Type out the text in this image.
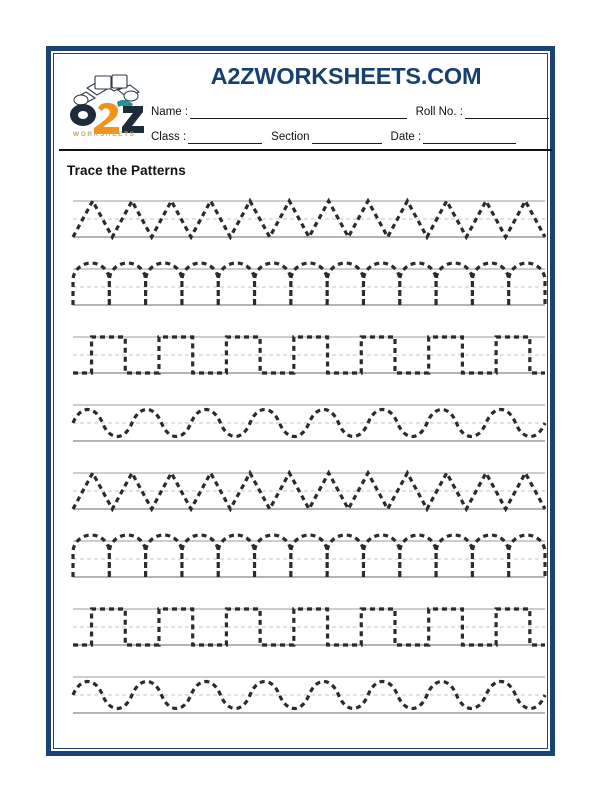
WORKSHEETS
A2ZWORKSHEETS.COM
Name :	Roll No. :
Class :	Section	Date :
Trace the Patterns
